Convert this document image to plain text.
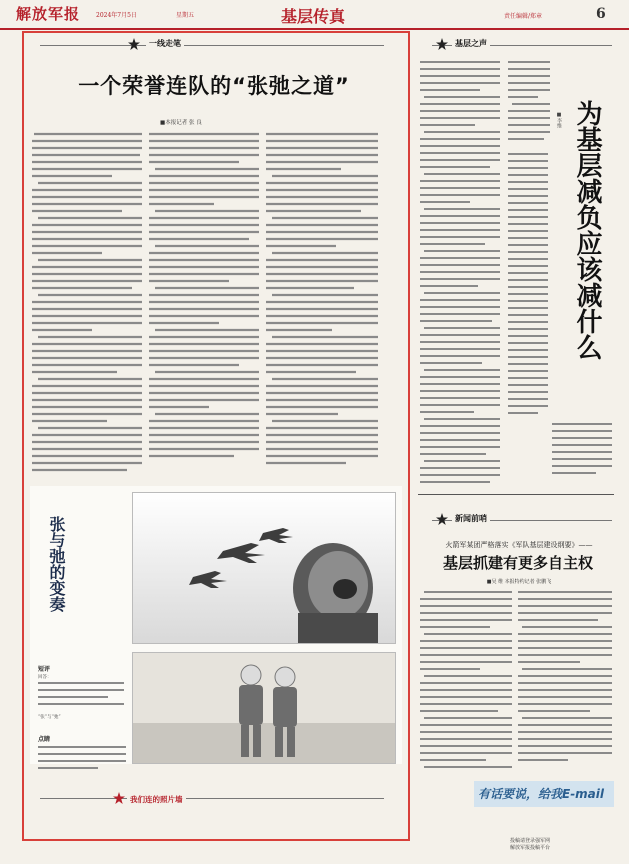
解放军报	2024年7月5日	星期五	基层传真	责任编辑/郑章	6
一线走笔
一个荣誉连队的“张弛之道”
■本报记者 张 良
张与弛的变奏
短评
回答：
“张”与“弛”
点睛
我们连的照片墙
基层之声
为基层减负应该减什么
■李维
新闻前哨
火箭军某团严格落实《军队基层建设纲要》——
基层抓建有更多自主权
■吴 维 本报特约记者 张鹏飞
有话要说，给我E-mail
投稿请登录强军网
解放军报投稿平台
